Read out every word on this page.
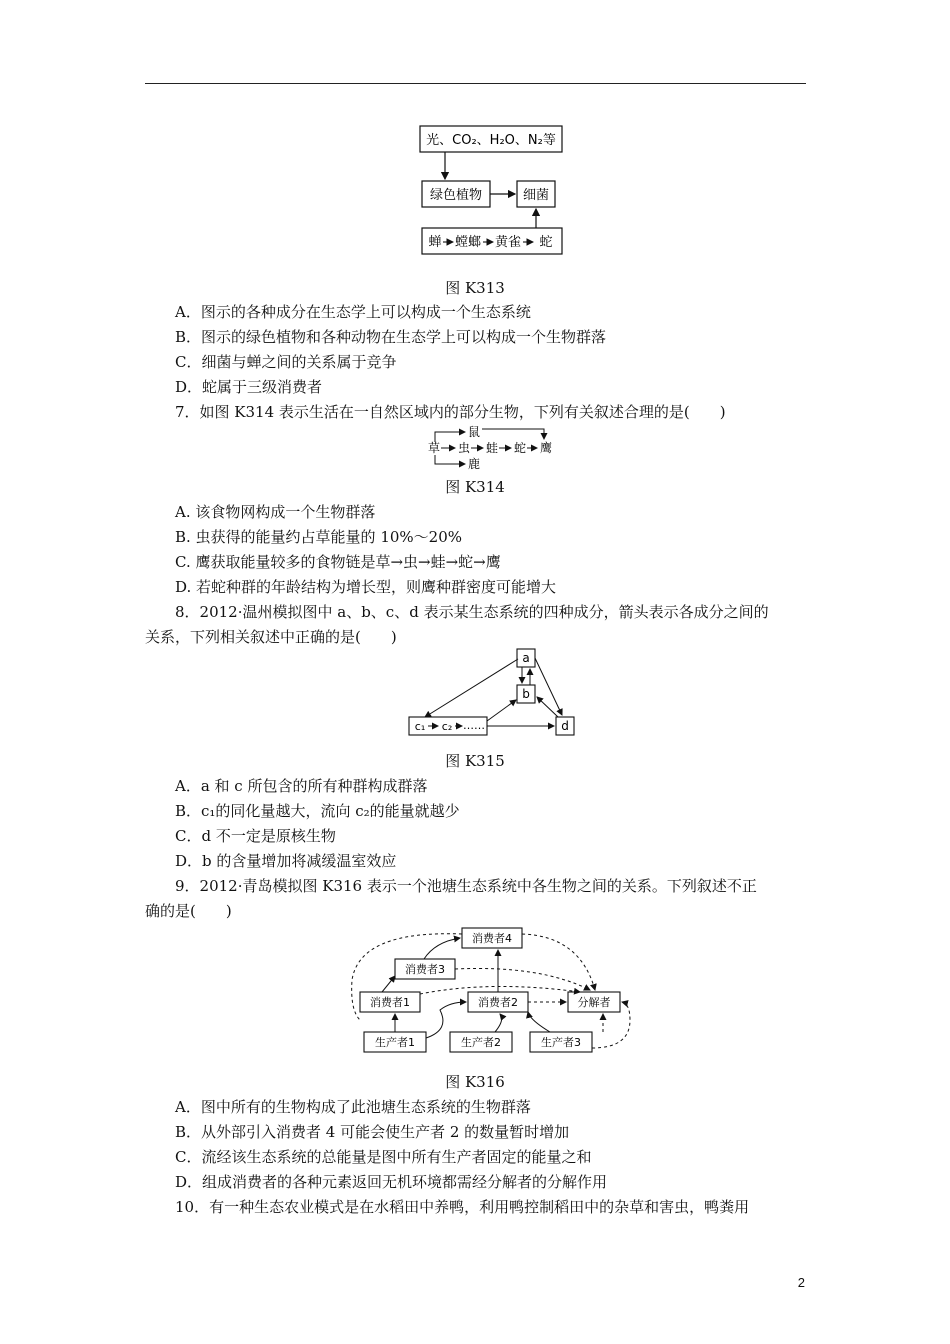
光、CO₂、H₂O、N₂等
绿色植物	细菌
蝉 螳螂 黄雀 蛇
图 K313
A．图示的各种成分在生态学上可以构成一个生态系统
B．图示的绿色植物和各种动物在生态学上可以构成一个生物群落
C．细菌与蝉之间的关系属于竞争
D．蛇属于三级消费者
7．如图 K314 表示生活在一自然区域内的部分生物，下列有关叙述合理的是(　　)
鼠
草 虫 蛙 蛇 鹰
鹿
图 K314
A. 该食物网构成一个生物群落
B. 虫获得的能量约占草能量的 10%～20%
C. 鹰获取能量较多的食物链是草→虫→蛙→蛇→鹰
D. 若蛇种群的年龄结构为增长型，则鹰种群密度可能增大
8．2012·温州模拟图中 a、b、c、d 表示某生态系统的四种成分，箭头表示各成分之间的
关系，下列相关叙述中正确的是(　　)
a
b
d
c₁ c₂ ……
图 K315
A．a 和 c 所包含的所有种群构成群落
B．c₁的同化量越大，流向 c₂的能量就越少
C．d 不一定是原核生物
D．b 的含量增加将减缓温室效应
9．2012·青岛模拟图 K316 表示一个池塘生态系统中各生物之间的关系。下列叙述不正
确的是(　　)
消费者4
消费者3
消费者1	消费者2	分解者
生产者1	生产者2	生产者3
图 K316
A．图中所有的生物构成了此池塘生态系统的生物群落
B．从外部引入消费者 4 可能会使生产者 2 的数量暂时增加
C．流经该生态系统的总能量是图中所有生产者固定的能量之和
D．组成消费者的各种元素返回无机环境都需经分解者的分解作用
10．有一种生态农业模式是在水稻田中养鸭，利用鸭控制稻田中的杂草和害虫，鸭粪用
2
